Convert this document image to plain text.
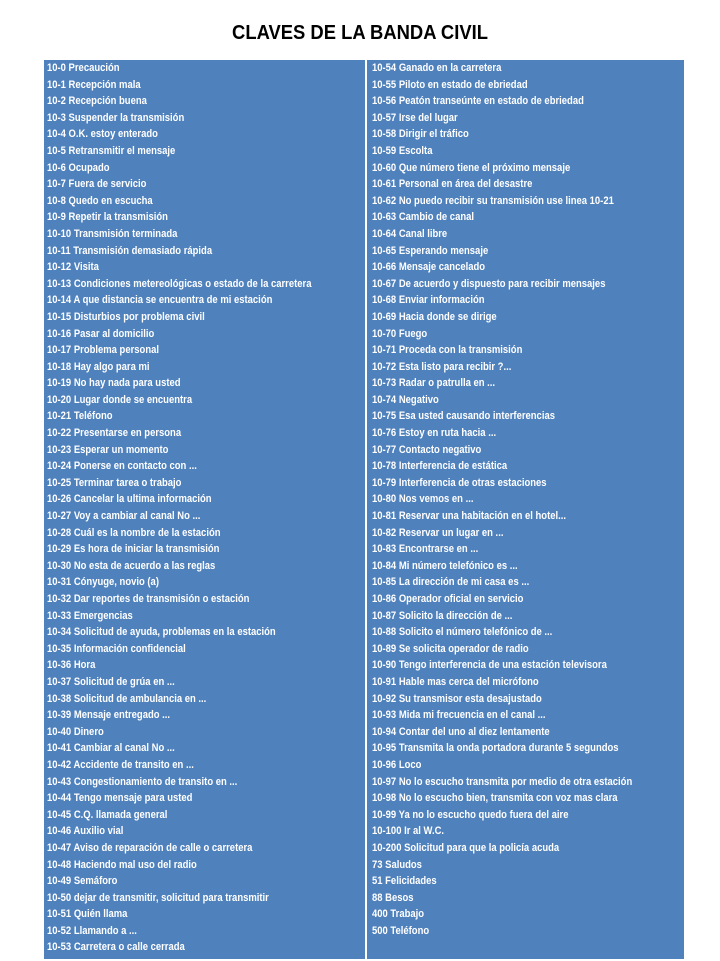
CLAVES DE LA BANDA CIVIL
10-0 Precaución
10-1 Recepción mala
10-2 Recepción buena
10-3 Suspender la transmisión
10-4 O.K. estoy enterado
10-5 Retransmitir el mensaje
10-6 Ocupado
10-7 Fuera de servicio
10-8 Quedo en escucha
10-9 Repetir la transmisión
10-10 Transmisión terminada
10-11 Transmisión demasiado rápida
10-12 Visita
10-13 Condiciones metereológicas o estado de la carretera
10-14 A que distancia se encuentra de mi estación
10-15 Disturbios por problema civil
10-16 Pasar al domicilio
10-17 Problema personal
10-18 Hay algo para mi
10-19 No hay nada para usted
10-20 Lugar donde se encuentra
10-21 Teléfono
10-22 Presentarse en persona
10-23 Esperar un momento
10-24 Ponerse en contacto con ...
10-25 Terminar tarea o trabajo
10-26 Cancelar la ultima información
10-27 Voy a cambiar al canal No ...
10-28 Cuál es la nombre de la estación
10-29 Es hora de iniciar la transmisión
10-30 No esta de acuerdo a las reglas
10-31 Cónyuge, novio (a)
10-32 Dar reportes de transmisión o estación
10-33 Emergencias
10-34 Solicitud de ayuda, problemas en la estación
10-35 Información confidencial
10-36 Hora
10-37 Solicitud de grúa en ...
10-38 Solicitud de ambulancia en ...
10-39 Mensaje entregado ...
10-40 Dinero
10-41 Cambiar al canal No ...
10-42 Accidente de transito en ...
10-43 Congestionamiento de transito en ...
10-44 Tengo mensaje para usted
10-45 C.Q. llamada general
10-46 Auxilio vial
10-47 Aviso de reparación de calle o carretera
10-48 Haciendo mal uso del radio
10-49 Semáforo
10-50 dejar de transmitir, solicitud para transmitir
10-51 Quién llama
10-52 Llamando a ...
10-53 Carretera o calle cerrada
10-54 Ganado en la carretera
10-55 Piloto en estado de ebriedad
10-56 Peatón transeúnte en estado de ebriedad
10-57 Irse del lugar
10-58 Dirigir el tráfico
10-59 Escolta
10-60 Que número tiene el próximo mensaje
10-61 Personal en área del desastre
10-62 No puedo recibir su transmisión use linea 10-21
10-63 Cambio de canal
10-64 Canal libre
10-65 Esperando mensaje
10-66 Mensaje cancelado
10-67 De acuerdo y dispuesto para recibir mensajes
10-68 Enviar información
10-69 Hacia donde se dirige
10-70 Fuego
10-71 Proceda con la transmisión
10-72 Esta listo para recibir ?...
10-73 Radar o patrulla en ...
10-74 Negativo
10-75 Esa usted causando interferencias
10-76 Estoy en ruta hacia ...
10-77 Contacto negativo
10-78 Interferencia de estática
10-79 Interferencia de otras estaciones
10-80 Nos vemos en ...
10-81 Reservar una habitación en el hotel...
10-82 Reservar un lugar en ...
10-83 Encontrarse en ...
10-84 Mi número telefónico es ...
10-85 La dirección de mi casa es ...
10-86 Operador oficial en servicio
10-87 Solicito la dirección de ...
10-88 Solicito el número telefónico de ...
10-89 Se solicita operador de radio
10-90 Tengo interferencia de una estación televisora
10-91 Hable mas cerca del micrófono
10-92 Su transmisor esta desajustado
10-93 Mida mi frecuencia en el canal ...
10-94 Contar del uno al diez lentamente
10-95 Transmita la onda portadora durante 5 segundos
10-96 Loco
10-97 No lo escucho transmita por medio de otra estación
10-98 No lo escucho bien, transmita con voz mas clara
10-99 Ya no lo escucho quedo fuera del aire
10-100 Ir al W.C.
10-200 Solicitud para que la policía acuda
73 Saludos
51 Felicidades
88 Besos
400 Trabajo
500 Teléfono
